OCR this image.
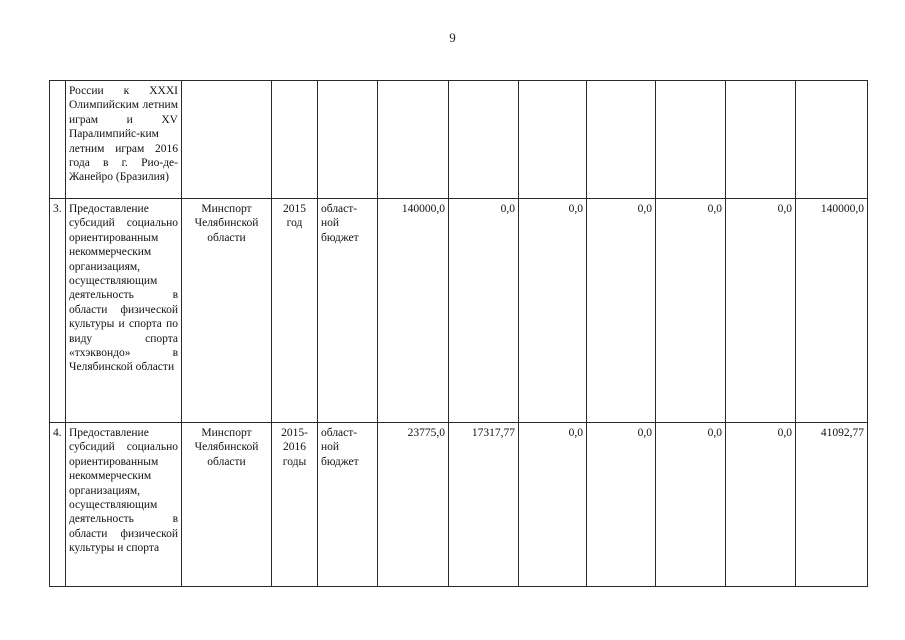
9
	России к XXXI Олимпийским летним играм и XV Паралимпийс-ким летним играм 2016 года в г. Рио-де-Жанейро (Бразилия)										
3.	Предоставление субсидий социально ориентированным некоммерческим организациям, осуществляющим деятельность в области физической культуры и спорта по виду спорта «тхэквондо» в Челябинской области	Минспорт Челябинской области	2015 год	област-ной бюджет	140000,0	0,0	0,0	0,0	0,0	0,0	140000,0
4.	Предоставление субсидий социально ориентированным некоммерческим организациям, осуществляющим деятельность в области физической культуры и спорта	Минспорт Челябинской области	2015-2016 годы	област-ной бюджет	23775,0	17317,77	0,0	0,0	0,0	0,0	41092,77
